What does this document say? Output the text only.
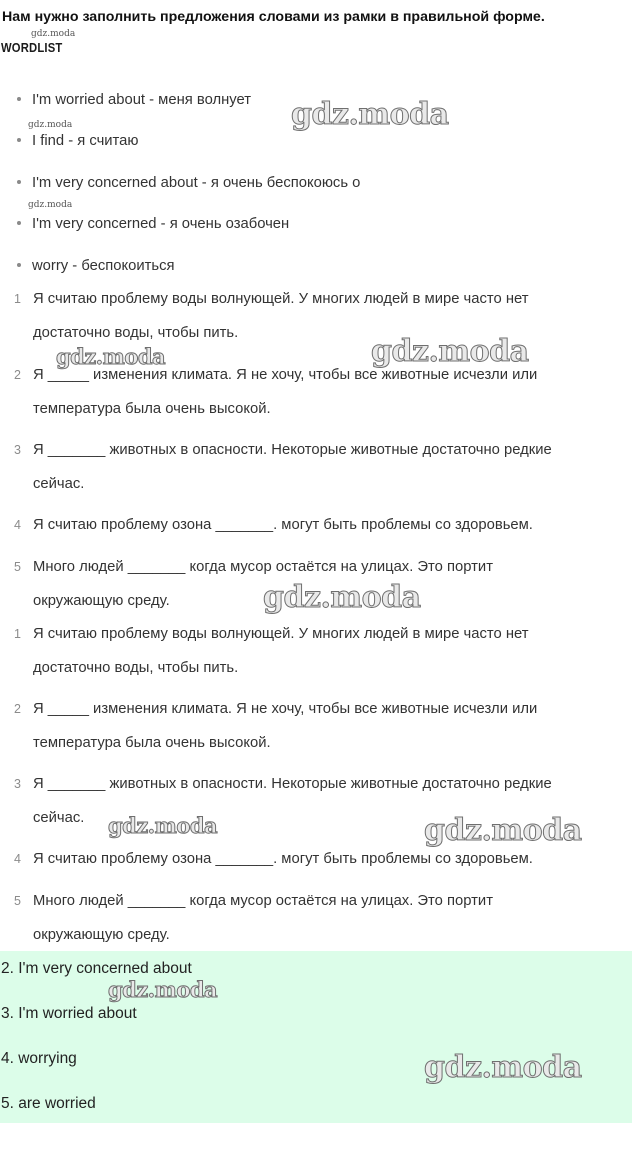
Нам нужно заполнить предложения словами из рамки в правильной форме.
gdz.moda
WORDLIST
I'm worried about - меня волнует
gdz.moda
I find - я считаю
I'm very concerned about - я очень беспокоюсь о
gdz.moda
I'm very concerned - я очень озабочен
worry - беспокоиться
1 Я считаю проблему воды волнующей. У многих людей в мире часто нет
достаточно воды, чтобы пить.
2 Я _____ изменения климата. Я не хочу, чтобы все животные исчезли или
температура была очень высокой.
3 Я _______ животных в опасности. Некоторые животные достаточно редкие
сейчас.
4 Я считаю проблему озона _______. могут быть проблемы со здоровьем.
5 Много людей _______ когда мусор остаётся на улицах. Это портит
окружающую среду.
1 Я считаю проблему воды волнующей. У многих людей в мире часто нет
достаточно воды, чтобы пить.
2 Я _____ изменения климата. Я не хочу, чтобы все животные исчезли или
температура была очень высокой.
3 Я _______ животных в опасности. Некоторые животные достаточно редкие
сейчас.
4 Я считаю проблему озона _______. могут быть проблемы со здоровьем.
5 Много людей _______ когда мусор остаётся на улицах. Это портит
окружающую среду.
2. I'm very concerned about
3. I'm worried about
4. worrying
5. are worried
gdz.moda
gdz.moda	gdz.moda
gdz.moda
gdz.moda	gdz.moda
gdz.moda
gdz.moda
